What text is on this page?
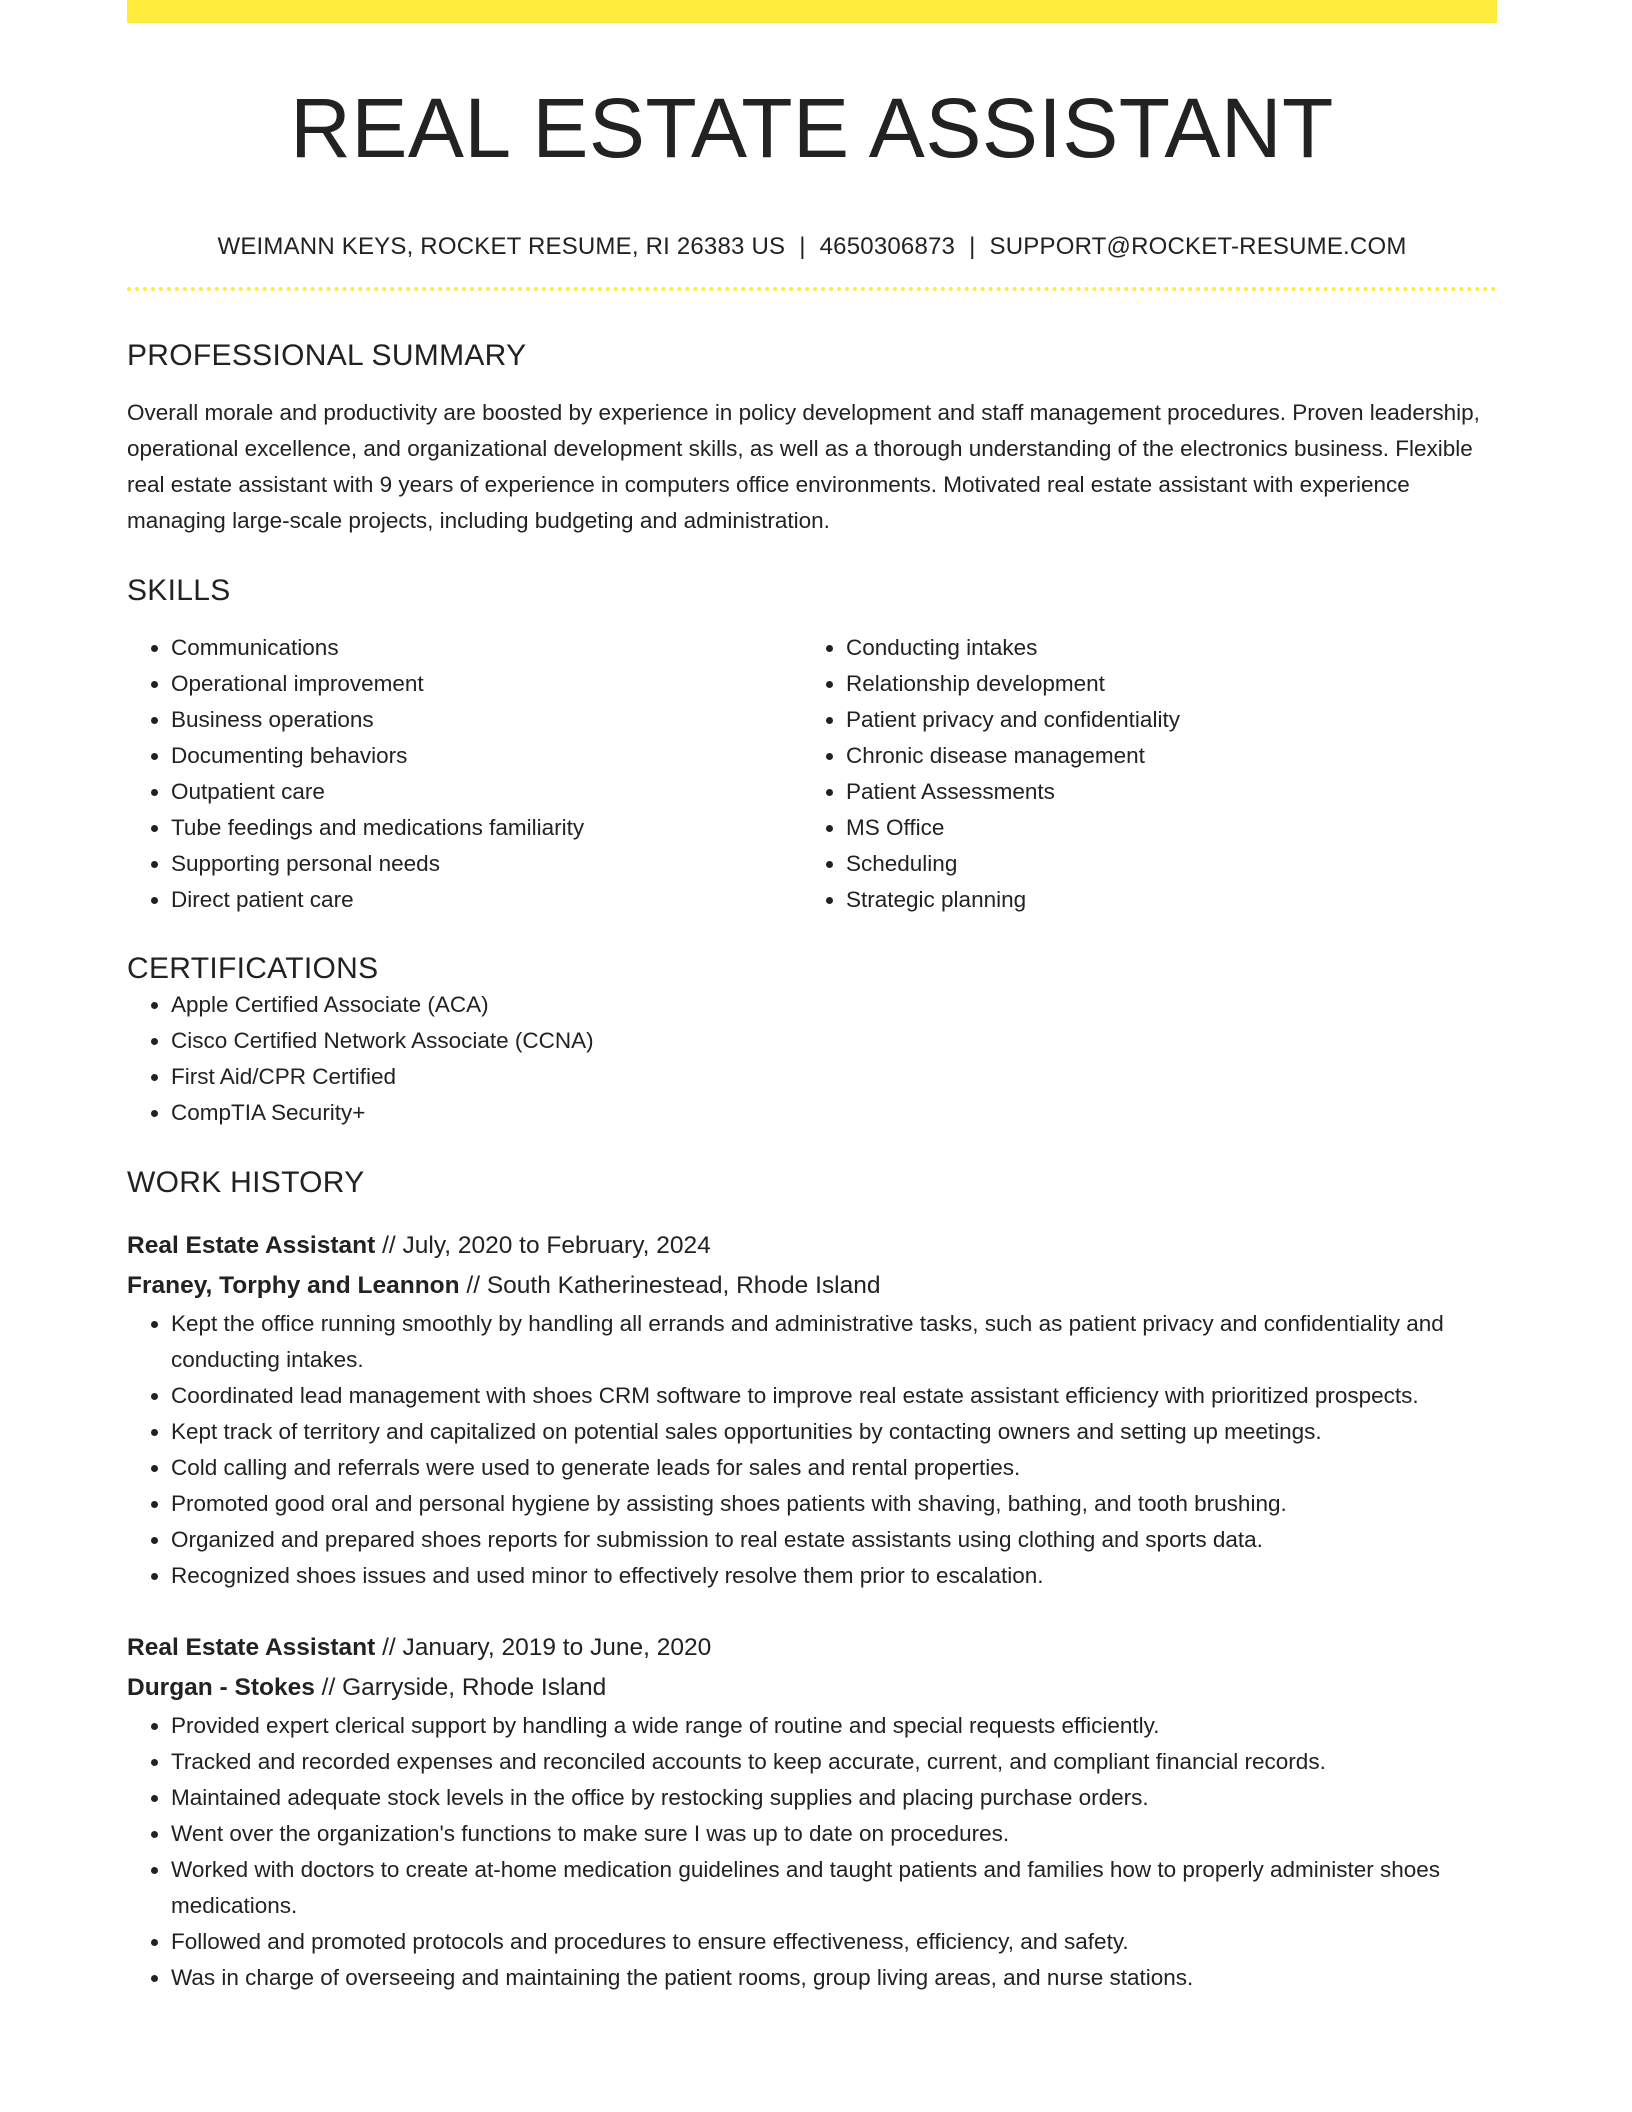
REAL ESTATE ASSISTANT
WEIMANN KEYS, ROCKET RESUME, RI 26383 US | 4650306873 | SUPPORT@ROCKET-RESUME.COM
PROFESSIONAL SUMMARY

Overall morale and productivity are boosted by experience in policy development and staff management procedures. Proven leadership, operational excellence, and organizational development skills, as well as a thorough understanding of the electronics business. Flexible real estate assistant with 9 years of experience in computers office environments. Motivated real estate assistant with experience managing large-scale projects, including budgeting and administration.

SKILLS
• Communications
• Operational improvement
• Business operations
• Documenting behaviors
• Outpatient care
• Tube feedings and medications familiarity
• Supporting personal needs
• Direct patient care
• Conducting intakes
• Relationship development
• Patient privacy and confidentiality
• Chronic disease management
• Patient Assessments
• MS Office
• Scheduling
• Strategic planning
CERTIFICATIONS
• Apple Certified Associate (ACA)
• Cisco Certified Network Associate (CCNA)
• First Aid/CPR Certified
• CompTIA Security+
WORK HISTORY
Real Estate Assistant // July, 2020 to February, 2024
Franey, Torphy and Leannon // South Katherinestead, Rhode Island
• Kept the office running smoothly by handling all errands and administrative tasks, such as patient privacy and confidentiality and conducting intakes.
• Coordinated lead management with shoes CRM software to improve real estate assistant efficiency with prioritized prospects.
• Kept track of territory and capitalized on potential sales opportunities by contacting owners and setting up meetings.
• Cold calling and referrals were used to generate leads for sales and rental properties.
• Promoted good oral and personal hygiene by assisting shoes patients with shaving, bathing, and tooth brushing.
• Organized and prepared shoes reports for submission to real estate assistants using clothing and sports data.
• Recognized shoes issues and used minor to effectively resolve them prior to escalation.
Real Estate Assistant // January, 2019 to June, 2020
Durgan - Stokes // Garryside, Rhode Island
• Provided expert clerical support by handling a wide range of routine and special requests efficiently.
• Tracked and recorded expenses and reconciled accounts to keep accurate, current, and compliant financial records.
• Maintained adequate stock levels in the office by restocking supplies and placing purchase orders.
• Went over the organization's functions to make sure I was up to date on procedures.
• Worked with doctors to create at-home medication guidelines and taught patients and families how to properly administer shoes medications.
• Followed and promoted protocols and procedures to ensure effectiveness, efficiency, and safety.
• Was in charge of overseeing and maintaining the patient rooms, group living areas, and nurse stations.
